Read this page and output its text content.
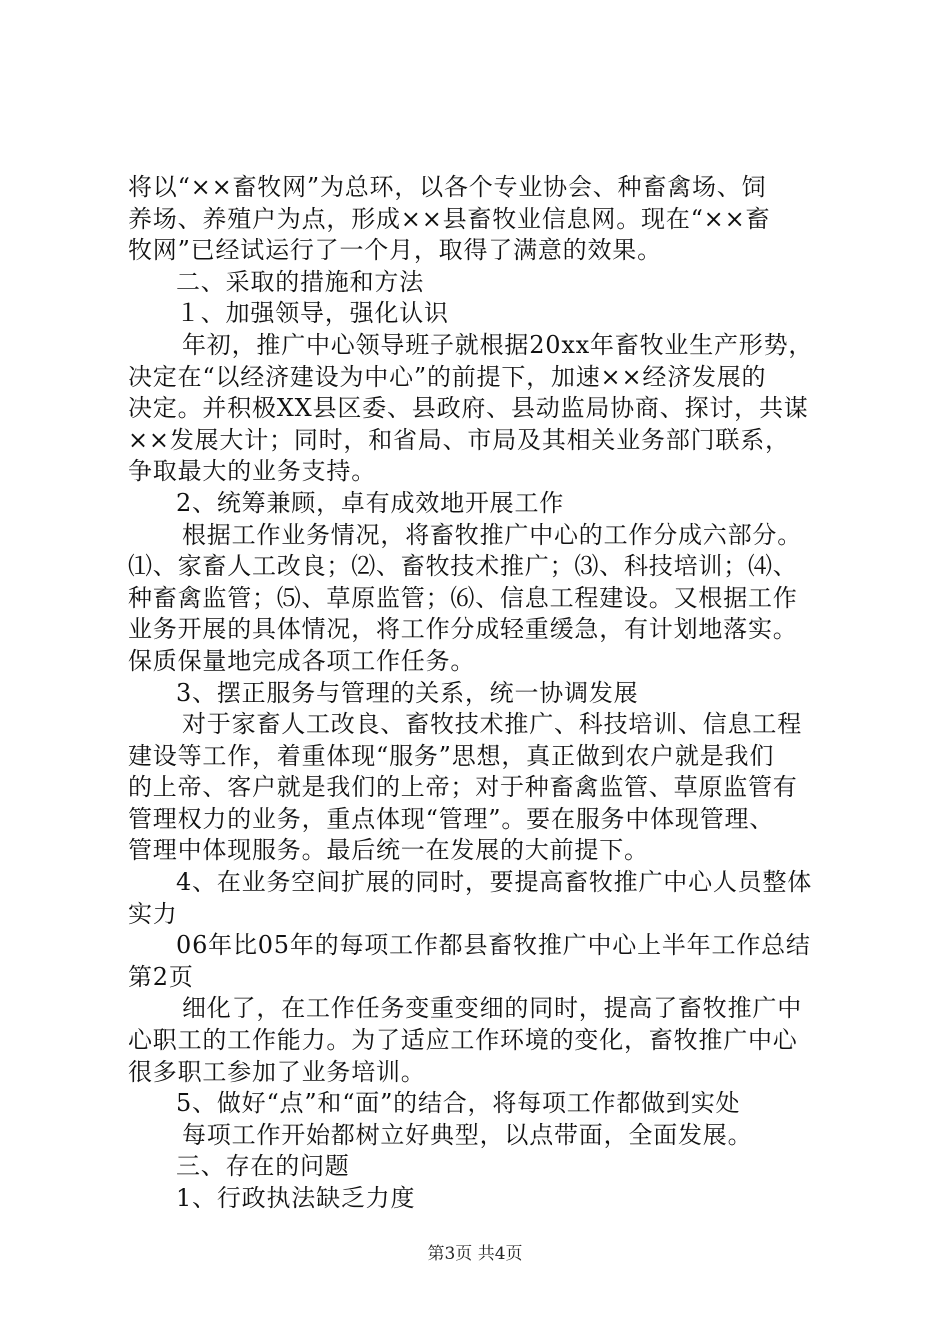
将以“××畜牧网”为总环，以各个专业协会、种畜禽场、饲
养场、养殖户为点，形成××县畜牧业信息网。现在“××畜
牧网”已经试运行了一个月，取得了满意的效果。
二、采取的措施和方法
１、加强领导，强化认识
年初，推广中心领导班子就根据20xx年畜牧业生产形势，
决定在“以经济建设为中心”的前提下，加速××经济发展的
决定。并积极XX县区委、县政府、县动监局协商、探讨，共谋
××发展大计；同时，和省局、市局及其相关业务部门联系，
争取最大的业务支持。
2、统筹兼顾，卓有成效地开展工作
根据工作业务情况，将畜牧推广中心的工作分成六部分。
⑴、家畜人工改良；⑵、畜牧技术推广；⑶、科技培训；⑷、
种畜禽监管；⑸、草原监管；⑹、信息工程建设。又根据工作
业务开展的具体情况，将工作分成轻重缓急，有计划地落实。
保质保量地完成各项工作任务。
3、摆正服务与管理的关系，统一协调发展
对于家畜人工改良、畜牧技术推广、科技培训、信息工程
建设等工作，着重体现“服务”思想，真正做到农户就是我们
的上帝、客户就是我们的上帝；对于种畜禽监管、草原监管有
管理权力的业务，重点体现“管理”。要在服务中体现管理、
管理中体现服务。最后统一在发展的大前提下。
4、在业务空间扩展的同时，要提高畜牧推广中心人员整体
实力
06年比05年的每项工作都县畜牧推广中心上半年工作总结
第2页
细化了，在工作任务变重变细的同时，提高了畜牧推广中
心职工的工作能力。为了适应工作环境的变化，畜牧推广中心
很多职工参加了业务培训。
5、做好“点”和“面”的结合，将每项工作都做到实处
每项工作开始都树立好典型，以点带面，全面发展。
三、存在的问题
1、行政执法缺乏力度
第3页 共4页
